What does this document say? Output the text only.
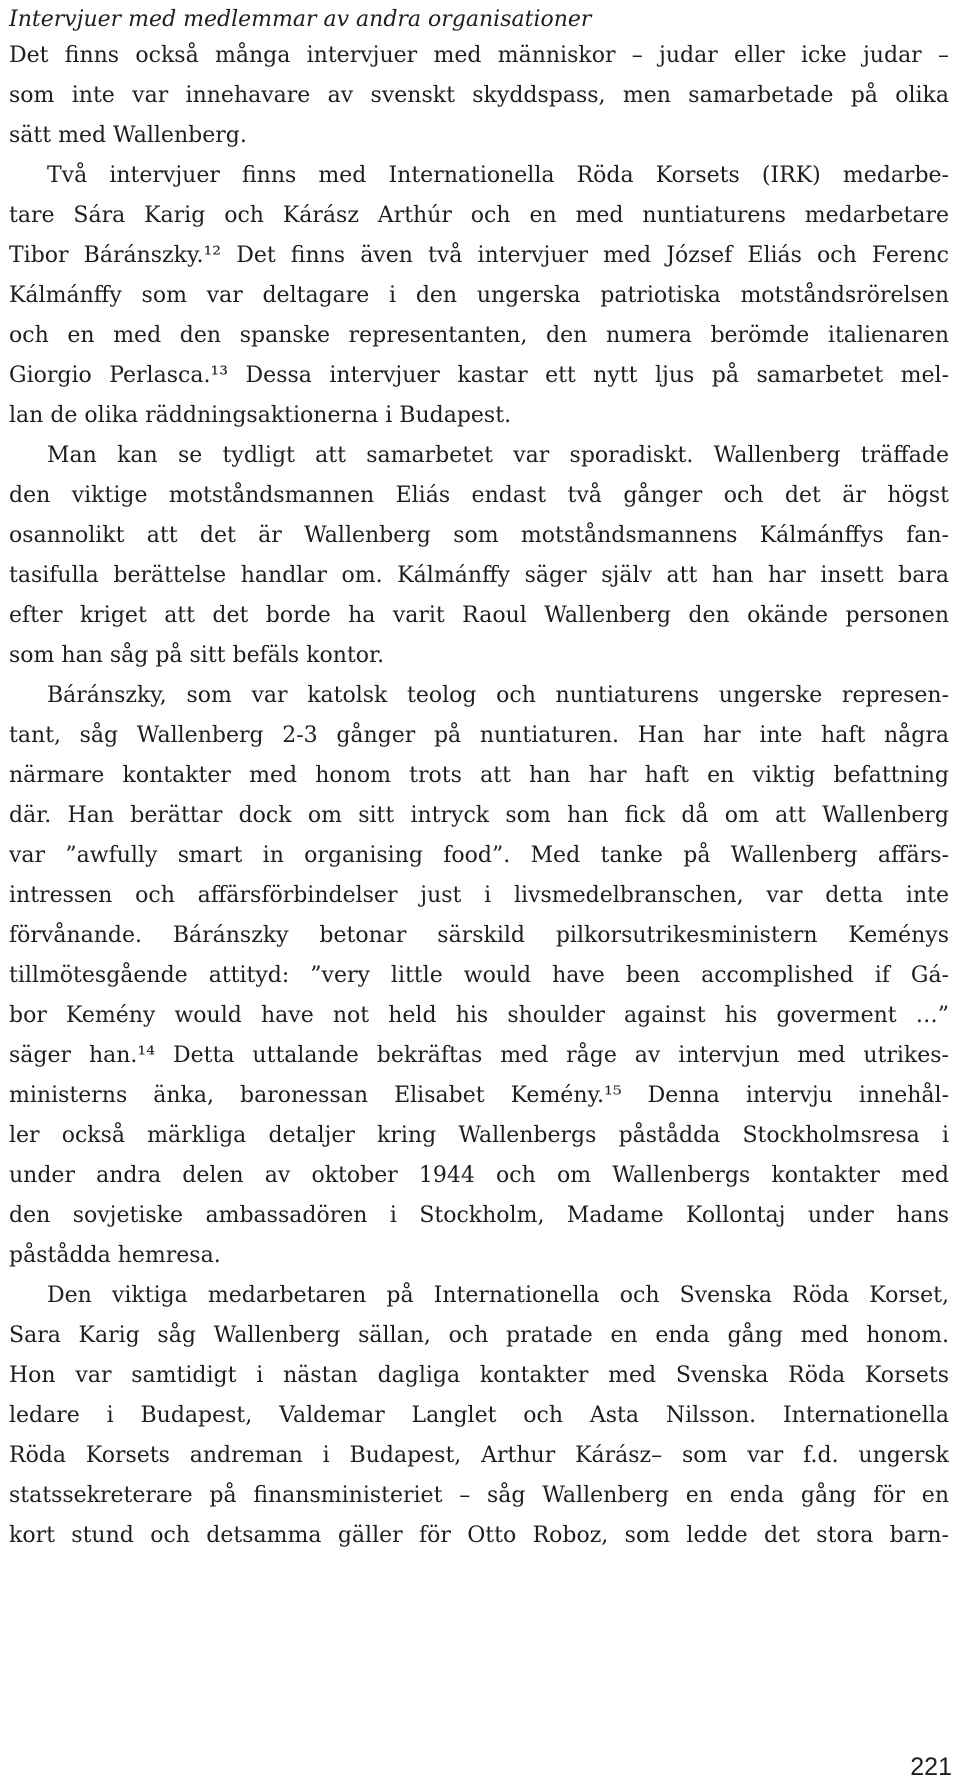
Intervjuer med medlemmar av andra organisationer
Det finns också många intervjuer med människor – judar eller icke judar –
som inte var innehavare av svenskt skyddspass, men samarbetade på olika
sätt med Wallenberg.
Två intervjuer finns med Internationella Röda Korsets (IRK) medarbe-
tare Sára Karig och Kárász Arthúr och en med nuntiaturens medarbetare
Tibor Báránszky.¹² Det finns även två intervjuer med József Eliás och Ferenc
Kálmánffy som var deltagare i den ungerska patriotiska motståndsrörelsen
och en med den spanske representanten, den numera berömde italienaren
Giorgio Perlasca.¹³ Dessa intervjuer kastar ett nytt ljus på samarbetet mel-
lan de olika räddningsaktionerna i Budapest.
Man kan se tydligt att samarbetet var sporadiskt. Wallenberg träffade
den viktige motståndsmannen Eliás endast två gånger och det är högst
osannolikt att det är Wallenberg som motståndsmannens Kálmánffys fan-
tasifulla berättelse handlar om. Kálmánffy säger själv att han har insett bara
efter kriget att det borde ha varit Raoul Wallenberg den okände personen
som han såg på sitt befäls kontor.
Báránszky, som var katolsk teolog och nuntiaturens ungerske represen-
tant, såg Wallenberg 2-3 gånger på nuntiaturen. Han har inte haft några
närmare kontakter med honom trots att han har haft en viktig befattning
där. Han berättar dock om sitt intryck som han fick då om att Wallenberg
var ”awfully smart in organising food”. Med tanke på Wallenberg affärs-
intressen och affärsförbindelser just i livsmedelbranschen, var detta inte
förvånande. Báránszky betonar särskild pilkorsutrikesministern Keménys
tillmötesgående attityd: ”very little would have been accomplished if Gá-
bor Kemény would have not held his shoulder against his goverment …”
säger han.¹⁴ Detta uttalande bekräftas med råge av intervjun med utrikes-
ministerns änka, baronessan Elisabet Kemény.¹⁵ Denna intervju innehål-
ler också märkliga detaljer kring Wallenbergs påstådda Stockholmsresa i
under andra delen av oktober 1944 och om Wallenbergs kontakter med
den sovjetiske ambassadören i Stockholm, Madame Kollontaj under hans
påstådda hemresa.
Den viktiga medarbetaren på Internationella och Svenska Röda Korset,
Sara Karig såg Wallenberg sällan, och pratade en enda gång med honom.
Hon var samtidigt i nästan dagliga kontakter med Svenska Röda Korsets
ledare i Budapest, Valdemar Langlet och Asta Nilsson. Internationella
Röda Korsets andreman i Budapest, Arthur Kárász– som var f.d. ungersk
statssekreterare på finansministeriet – såg Wallenberg en enda gång för en
kort stund och detsamma gäller för Otto Roboz, som ledde det stora barn-
221
